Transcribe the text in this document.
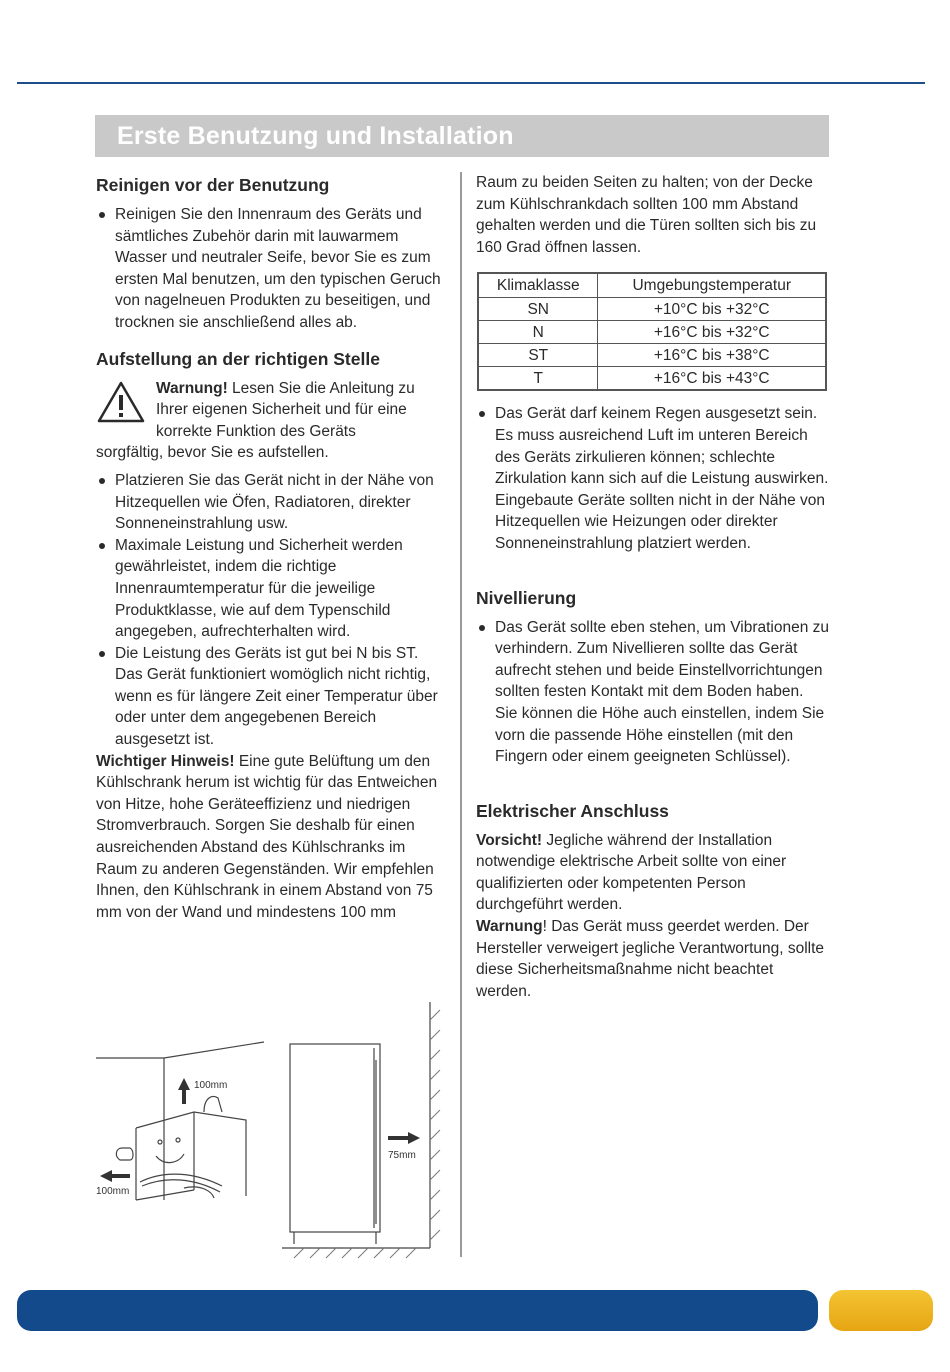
Erste Benutzung und Installation
Reinigen vor der Benutzung
Reinigen Sie den Innenraum des Geräts und sämtliches Zubehör darin mit lauwarmem Wasser und neutraler Seife, bevor Sie es zum ersten Mal benutzen, um den typischen Geruch von nagelneuen Produkten zu beseitigen, und trocknen sie anschließend alles ab.
Aufstellung an der richtigen Stelle

Warnung! Lesen Sie die Anleitung zu Ihrer eigenen Sicherheit und für eine korrekte Funktion des Geräts

sorgfältig, bevor Sie es aufstellen.

Platzieren Sie das Gerät nicht in der Nähe von Hitzequellen wie Öfen, Radiatoren, direkter Sonneneinstrahlung usw.
Maximale Leistung und Sicherheit werden gewährleistet, indem die richtige Innenraumtemperatur für die jeweilige Produktklasse, wie auf dem Typenschild angegeben, aufrechterhalten wird.
Die Leistung des Geräts ist gut bei N bis ST. Das Gerät funktioniert womöglich nicht richtig, wenn es für längere Zeit einer Temperatur über oder unter dem angegebenen Bereich ausgesetzt ist.

Wichtiger Hinweis! Eine gute Belüftung um den Kühlschrank herum ist wichtig für das Entweichen von Hitze, hohe Geräteeffizienz und niedrigen Stromverbrauch. Sorgen Sie deshalb für einen ausreichenden Abstand des Kühlschranks im Raum zu anderen Gegenständen. Wir empfehlen Ihnen, den Kühlschrank in einem Abstand von 75 mm von der Wand und mindestens 100 mm

Raum zu beiden Seiten zu halten; von der Decke zum Kühlschrankdach sollten 100 mm Abstand gehalten werden und die Türen sollten sich bis zu 160 Grad öffnen lassen.

Klimaklasse	Umgebungstemperatur
SN	+10°C bis +32°C
N	+16°C bis +32°C
ST	+16°C bis +38°C
T	+16°C bis +43°C
Das Gerät darf keinem Regen ausgesetzt sein. Es muss ausreichend Luft im unteren Bereich des Geräts zirkulieren können; schlechte Zirkulation kann sich auf die Leistung auswirken. Eingebaute Geräte sollten nicht in der Nähe von Hitzequellen wie Heizungen oder direkter Sonneneinstrahlung platziert werden.
Nivellierung
Das Gerät sollte eben stehen, um Vibrationen zu verhindern. Zum Nivellieren sollte das Gerät aufrecht stehen und beide Einstellvorrichtungen sollten festen Kontakt mit dem Boden haben. Sie können die Höhe auch einstellen, indem Sie vorn die passende Höhe einstellen (mit den Fingern oder einem geeigneten Schlüssel).
Elektrischer Anschluss

Vorsicht! Jegliche während der Installation notwendige elektrische Arbeit sollte von einer qualifizierten oder kompetenten Person durchgeführt werden.

Warnung! Das Gerät muss geerdet werden. Der Hersteller verweigert jegliche Verantwortung, sollte diese Sicherheitsmaßnahme nicht beachtet werden.

100mm
100mm
75mm
